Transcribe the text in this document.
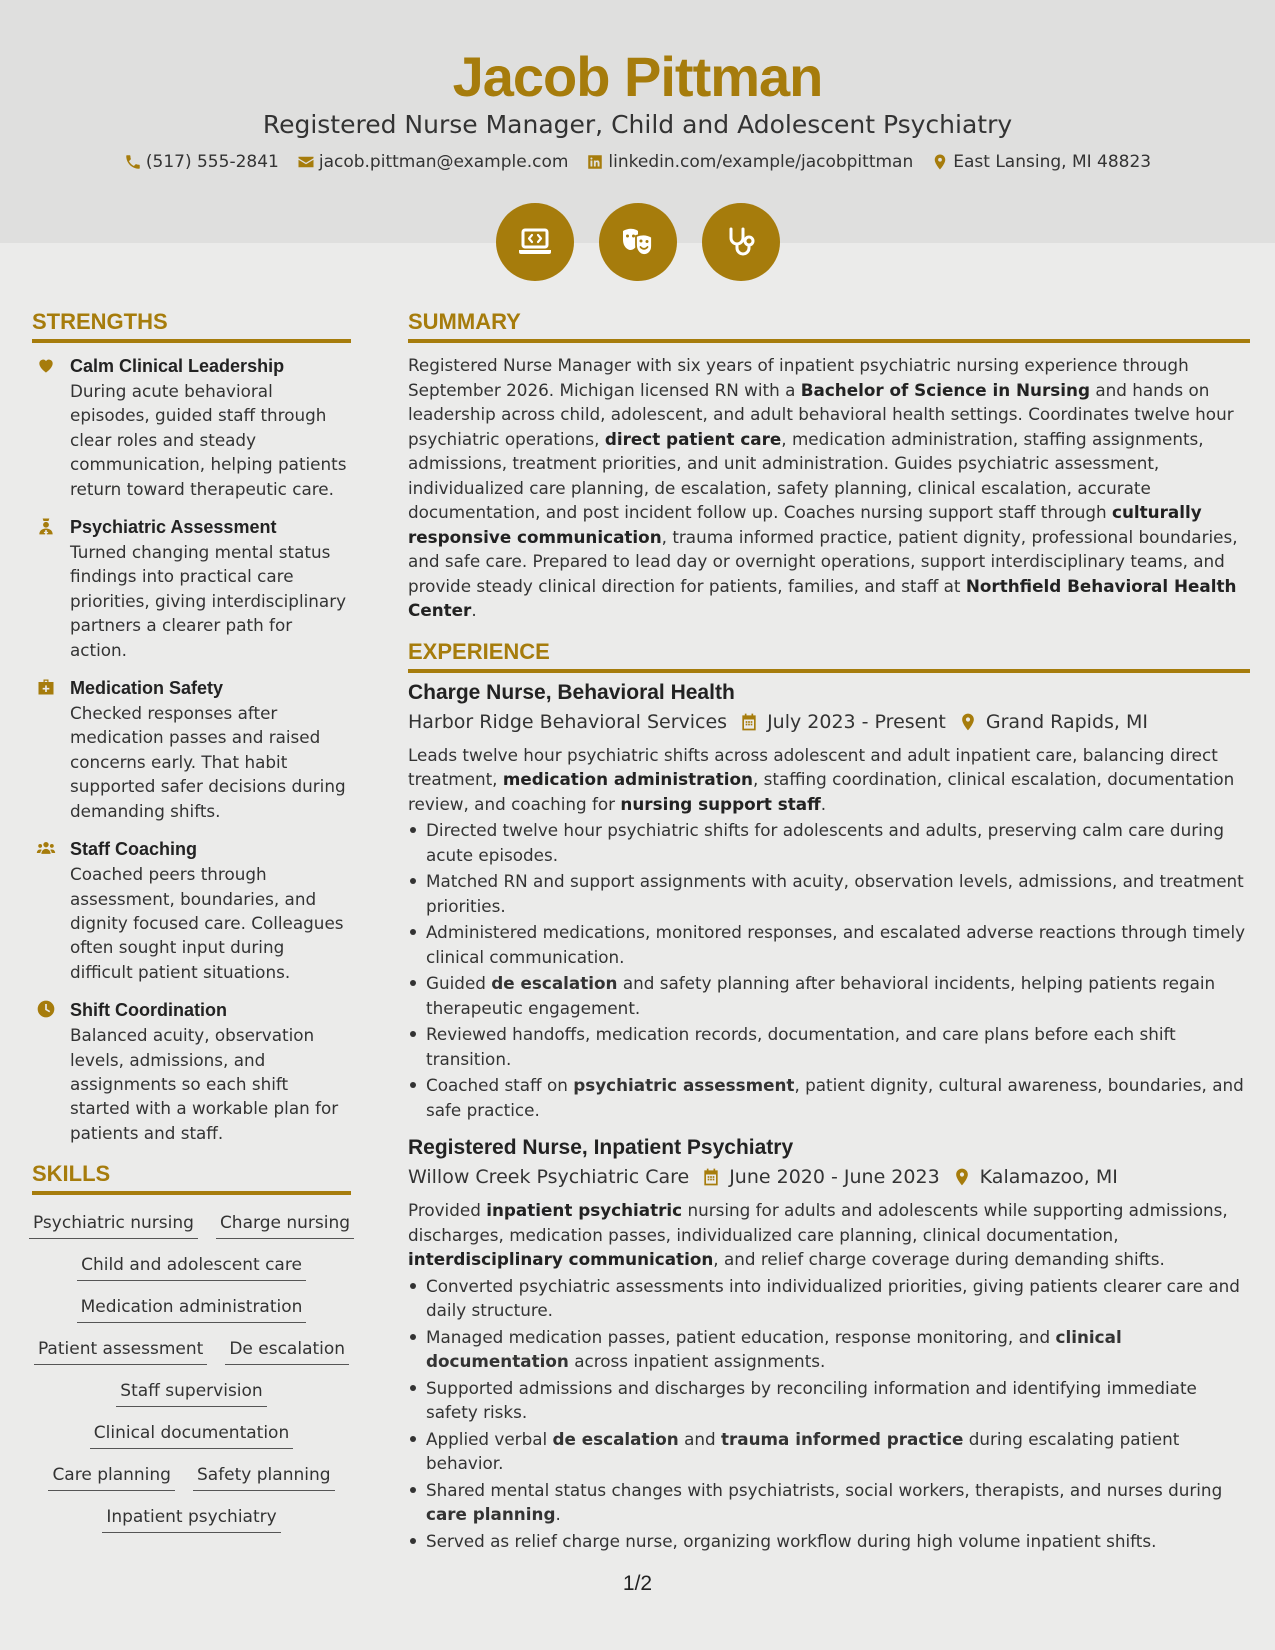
Jacob Pittman
Registered Nurse Manager, Child and Adolescent Psychiatry
(517) 555-2841 jacob.pittman@example.com linkedin.com/example/jacobpittman East Lansing, MI 48823
STRENGTHS
Calm Clinical Leadership
During acute behavioral episodes, guided staff through clear roles and steady communication, helping patients return toward therapeutic care.
Psychiatric Assessment
Turned changing mental status findings into practical care priorities, giving interdisciplinary partners a clearer path for action.
Medication Safety
Checked responses after medication passes and raised concerns early. That habit supported safer decisions during demanding shifts.
Staff Coaching
Coached peers through assessment, boundaries, and dignity focused care. Colleagues often sought input during difficult patient situations.
Shift Coordination
Balanced acuity, observation levels, admissions, and assignments so each shift started with a workable plan for patients and staff.
SKILLS
Psychiatric nursing Charge nursing
Child and adolescent care
Medication administration
Patient assessment De escalation
Staff supervision
Clinical documentation
Care planning Safety planning
Inpatient psychiatry
SUMMARY
Registered Nurse Manager with six years of inpatient psychiatric nursing experience through September 2026. Michigan licensed RN with a Bachelor of Science in Nursing and hands on leadership across child, adolescent, and adult behavioral health settings. Coordinates twelve hour psychiatric operations, direct patient care, medication administration, staffing assignments, admissions, treatment priorities, and unit administration. Guides psychiatric assessment, individualized care planning, de escalation, safety planning, clinical escalation, accurate documentation, and post incident follow up. Coaches nursing support staff through culturally responsive communication, trauma informed practice, patient dignity, professional boundaries, and safe care. Prepared to lead day or overnight operations, support interdisciplinary teams, and provide steady clinical direction for patients, families, and staff at Northfield Behavioral Health Center.
EXPERIENCE
Charge Nurse, Behavioral Health
Harbor Ridge Behavioral Services July 2023 - Present Grand Rapids, MI
Leads twelve hour psychiatric shifts across adolescent and adult inpatient care, balancing direct treatment, medication administration, staffing coordination, clinical escalation, documentation review, and coaching for nursing support staff.
Directed twelve hour psychiatric shifts for adolescents and adults, preserving calm care during acute episodes.
Matched RN and support assignments with acuity, observation levels, admissions, and treatment priorities.
Administered medications, monitored responses, and escalated adverse reactions through timely clinical communication.
Guided de escalation and safety planning after behavioral incidents, helping patients regain therapeutic engagement.
Reviewed handoffs, medication records, documentation, and care plans before each shift transition.
Coached staff on psychiatric assessment, patient dignity, cultural awareness, boundaries, and safe practice.
Registered Nurse, Inpatient Psychiatry
Willow Creek Psychiatric Care June 2020 - June 2023 Kalamazoo, MI
Provided inpatient psychiatric nursing for adults and adolescents while supporting admissions, discharges, medication passes, individualized care planning, clinical documentation, interdisciplinary communication, and relief charge coverage during demanding shifts.
Converted psychiatric assessments into individualized priorities, giving patients clearer care and daily structure.
Managed medication passes, patient education, response monitoring, and clinical documentation across inpatient assignments.
Supported admissions and discharges by reconciling information and identifying immediate safety risks.
Applied verbal de escalation and trauma informed practice during escalating patient behavior.
Shared mental status changes with psychiatrists, social workers, therapists, and nurses during care planning.
Served as relief charge nurse, organizing workflow during high volume inpatient shifts.
1/2
